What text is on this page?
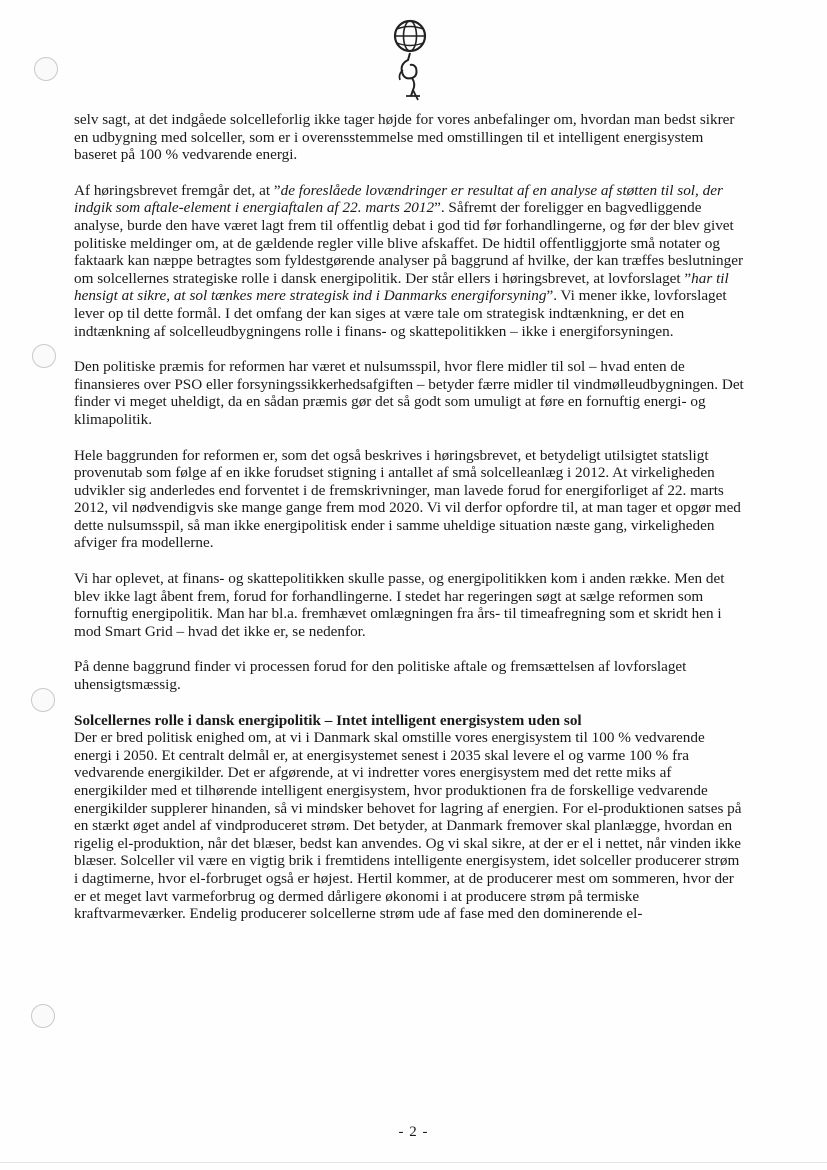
selv sagt, at det indgåede solcelleforlig ikke tager højde for vores anbefalinger om, hvordan man bedst sikrer en udbygning med solceller, som er i overensstemmelse med omstillingen til et intelligent energisystem baseret på 100 % vedvarende energi.

Af høringsbrevet fremgår det, at ”de foreslåede lovændringer er resultat af en analyse af støtten til sol, der indgik som aftale-element i energiaftalen af 22. marts 2012”. Såfremt der foreligger en bagvedliggende analyse, burde den have været lagt frem til offentlig debat i god tid før forhandlingerne, og før der blev givet politiske meldinger om, at de gældende regler ville blive afskaffet. De hidtil offentliggjorte små notater og faktaark kan næppe betragtes som fyldestgørende analyser på baggrund af hvilke, der kan træffes beslutninger om solcellernes strategiske rolle i dansk energipolitik. Der står ellers i høringsbrevet, at lovforslaget ”har til hensigt at sikre, at sol tænkes mere strategisk ind i Danmarks energiforsyning”. Vi mener ikke, lovforslaget lever op til dette formål. I det omfang der kan siges at være tale om strategisk indtænkning, er det en indtænkning af solcelleudbygningens rolle i finans- og skattepolitikken – ikke i energiforsyningen.

Den politiske præmis for reformen har været et nulsumsspil, hvor flere midler til sol – hvad enten de finansieres over PSO eller forsyningssikkerhedsafgiften – betyder færre midler til vindmølleudbygningen. Det finder vi meget uheldigt, da en sådan præmis gør det så godt som umuligt at føre en fornuftig energi- og klimapolitik.

Hele baggrunden for reformen er, som det også beskrives i høringsbrevet, et betydeligt utilsigtet statsligt provenutab som følge af en ikke forudset stigning i antallet af små solcelleanlæg i 2012. At virkeligheden udvikler sig anderledes end forventet i de fremskrivninger, man lavede forud for energiforliget af 22. marts 2012, vil nødvendigvis ske mange gange frem mod 2020. Vi vil derfor opfordre til, at man tager et opgør med dette nulsumsspil, så man ikke energipolitisk ender i samme uheldige situation næste gang, virkeligheden afviger fra modellerne.

Vi har oplevet, at finans- og skattepolitikken skulle passe, og energipolitikken kom i anden række. Men det blev ikke lagt åbent frem, forud for forhandlingerne. I stedet har regeringen søgt at sælge reformen som fornuftig energipolitik. Man har bl.a. fremhævet omlægningen fra års- til timeafregning som et skridt hen i mod Smart Grid – hvad det ikke er, se nedenfor.

På denne baggrund finder vi processen forud for den politiske aftale og fremsættelsen af lovforslaget uhensigtsmæssig.

Solcellernes rolle i dansk energipolitik – Intet intelligent energisystem uden sol

Der er bred politisk enighed om, at vi i Danmark skal omstille vores energisystem til 100 % vedvarende energi i 2050. Et centralt delmål er, at energisystemet senest i 2035 skal levere el og varme 100 % fra vedvarende energikilder. Det er afgørende, at vi indretter vores energisystem med det rette miks af energikilder med et tilhørende intelligent energisystem, hvor produktionen fra de forskellige vedvarende energikilder supplerer hinanden, så vi mindsker behovet for lagring af energien. For el-produktionen satses på en stærkt øget andel af vindproduceret strøm. Det betyder, at Danmark fremover skal planlægge, hvordan en rigelig el-produktion, når det blæser, bedst kan anvendes. Og vi skal sikre, at der er el i nettet, når vinden ikke blæser. Solceller vil være en vigtig brik i fremtidens intelligente energisystem, idet solceller producerer strøm i dagtimerne, hvor el-forbruget også er højest. Hertil kommer, at de producerer mest om sommeren, hvor der er et meget lavt varmeforbrug og dermed dårligere økonomi i at producere strøm på termiske kraftvarmeværker. Endelig producerer solcellerne strøm ude af fase med den dominerende el-

- 2 -
